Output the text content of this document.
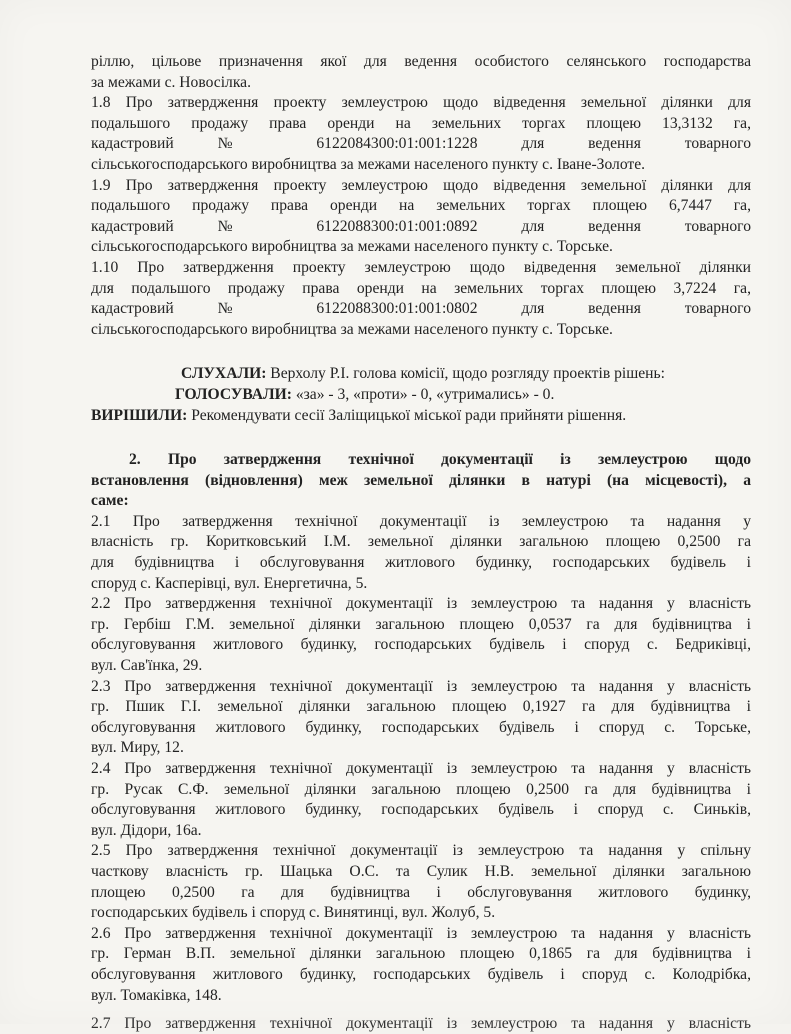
ріллю, цільове призначення якої для ведення особистого селянського господарства

за межами с. Новосілка.

1.8 Про затвердження проекту землеустрою щодо відведення земельної ділянки для

подальшого продажу права оренди на земельних торгах площею 13,3132 га,

кадастровий № 6122084300:01:001:1228 для ведення товарного

сільськогосподарського виробництва за межами населеного пункту с. Іване-Золоте.

1.9 Про затвердження проекту землеустрою щодо відведення земельної ділянки для

подальшого продажу права оренди на земельних торгах площею 6,7447 га,

кадастровий № 6122088300:01:001:0892 для ведення товарного

сільськогосподарського виробництва за межами населеного пункту с. Торське.

1.10 Про затвердження проекту землеустрою щодо відведення земельної ділянки

для подальшого продажу права оренди на земельних торгах площею 3,7224 га,

кадастровий № 6122088300:01:001:0802 для ведення товарного

сільськогосподарського виробництва за межами населеного пункту с. Торське.

СЛУХАЛИ: Верхолу Р.І. голова комісії, щодо розгляду проектів рішень:

ГОЛОСУВАЛИ: «за» - 3, «проти» - 0, «утримались» - 0.

ВИРІШИЛИ: Рекомендувати сесії Заліщицької міської ради прийняти рішення.

2. Про затвердження технічної документації із землеустрою щодо

встановлення (відновлення) меж земельної ділянки в натурі (на місцевості), а

саме:

2.1 Про затвердження технічної документації із землеустрою та надання у

власність гр. Коритковський І.М. земельної ділянки загальною площею 0,2500 га

для будівництва і обслуговування житлового будинку, господарських будівель і

споруд с. Касперівці, вул. Енергетична, 5.

2.2 Про затвердження технічної документації із землеустрою та надання у власність

гр. Гербіш Г.М. земельної ділянки загальною площею 0,0537 га для будівництва і

обслуговування житлового будинку, господарських будівель і споруд с. Бедриківці,

вул. Сав'їнка, 29.

2.3 Про затвердження технічної документації із землеустрою та надання у власність

гр. Пшик Г.І. земельної ділянки загальною площею 0,1927 га для будівництва і

обслуговування житлового будинку, господарських будівель і споруд с. Торське,

вул. Миру, 12.

2.4 Про затвердження технічної документації із землеустрою та надання у власність

гр. Русак С.Ф. земельної ділянки загальною площею 0,2500 га для будівництва і

обслуговування житлового будинку, господарських будівель і споруд с. Синьків,

вул. Дідори, 16а.

2.5 Про затвердження технічної документації із землеустрою та надання у спільну

часткову власність гр. Шацька О.С. та Сулик Н.В. земельної ділянки загальною

площею 0,2500 га для будівництва і обслуговування житлового будинку,

господарських будівель і споруд с. Винятинці, вул. Жолуб, 5.

2.6 Про затвердження технічної документації із землеустрою та надання у власність

гр. Герман В.П. земельної ділянки загальною площею 0,1865 га для будівництва і

обслуговування житлового будинку, господарських будівель і споруд с. Колодрібка,

вул. Томаківка, 148.

2.7 Про затвердження технічної документації із землеустрою та надання у власність
